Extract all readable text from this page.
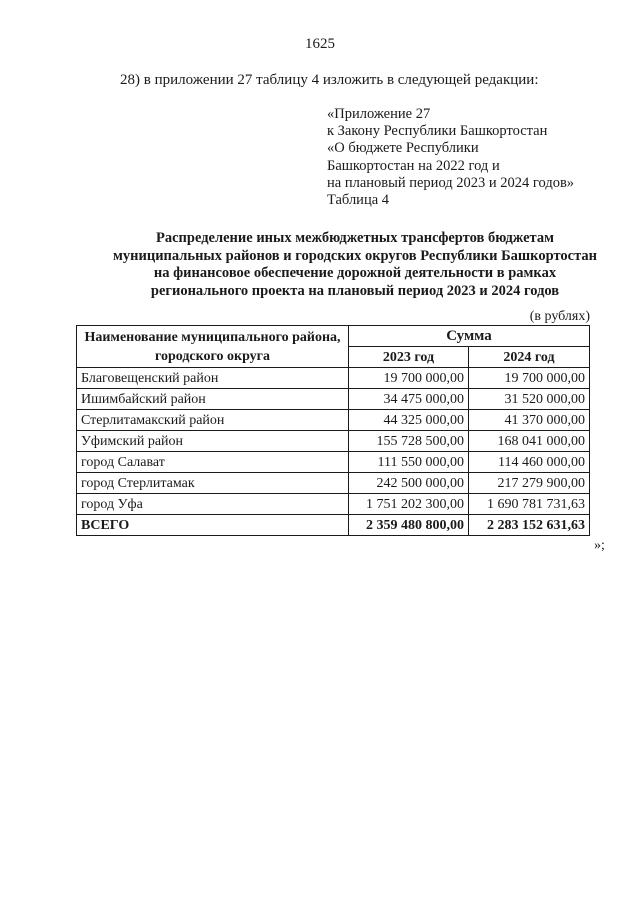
1625
28) в приложении 27 таблицу 4 изложить в следующей редакции:
«Приложение 27
к Закону Республики Башкортостан
«О бюджете Республики
Башкортостан на 2022 год и
на плановый период 2023 и 2024 годов»
Таблица 4
Распределение иных межбюджетных трансфертов бюджетам
муниципальных районов и городских округов Республики Башкортостан
на финансовое обеспечение дорожной деятельности в рамках
регионального проекта на плановый период 2023 и 2024 годов
(в рублях)
Наименование муниципального района, городского округа	Сумма	
	2023 год	2024 год
Благовещенский район	19 700 000,00	19 700 000,00
Ишимбайский район	34 475 000,00	31 520 000,00
Стерлитамакский район	44 325 000,00	41 370 000,00
Уфимский район	155 728 500,00	168 041 000,00
город Салават	111 550 000,00	114 460 000,00
город Стерлитамак	242 500 000,00	217 279 900,00
город Уфа	1 751 202 300,00	1 690 781 731,63
ВСЕГО	2 359 480 800,00	2 283 152 631,63
»;
